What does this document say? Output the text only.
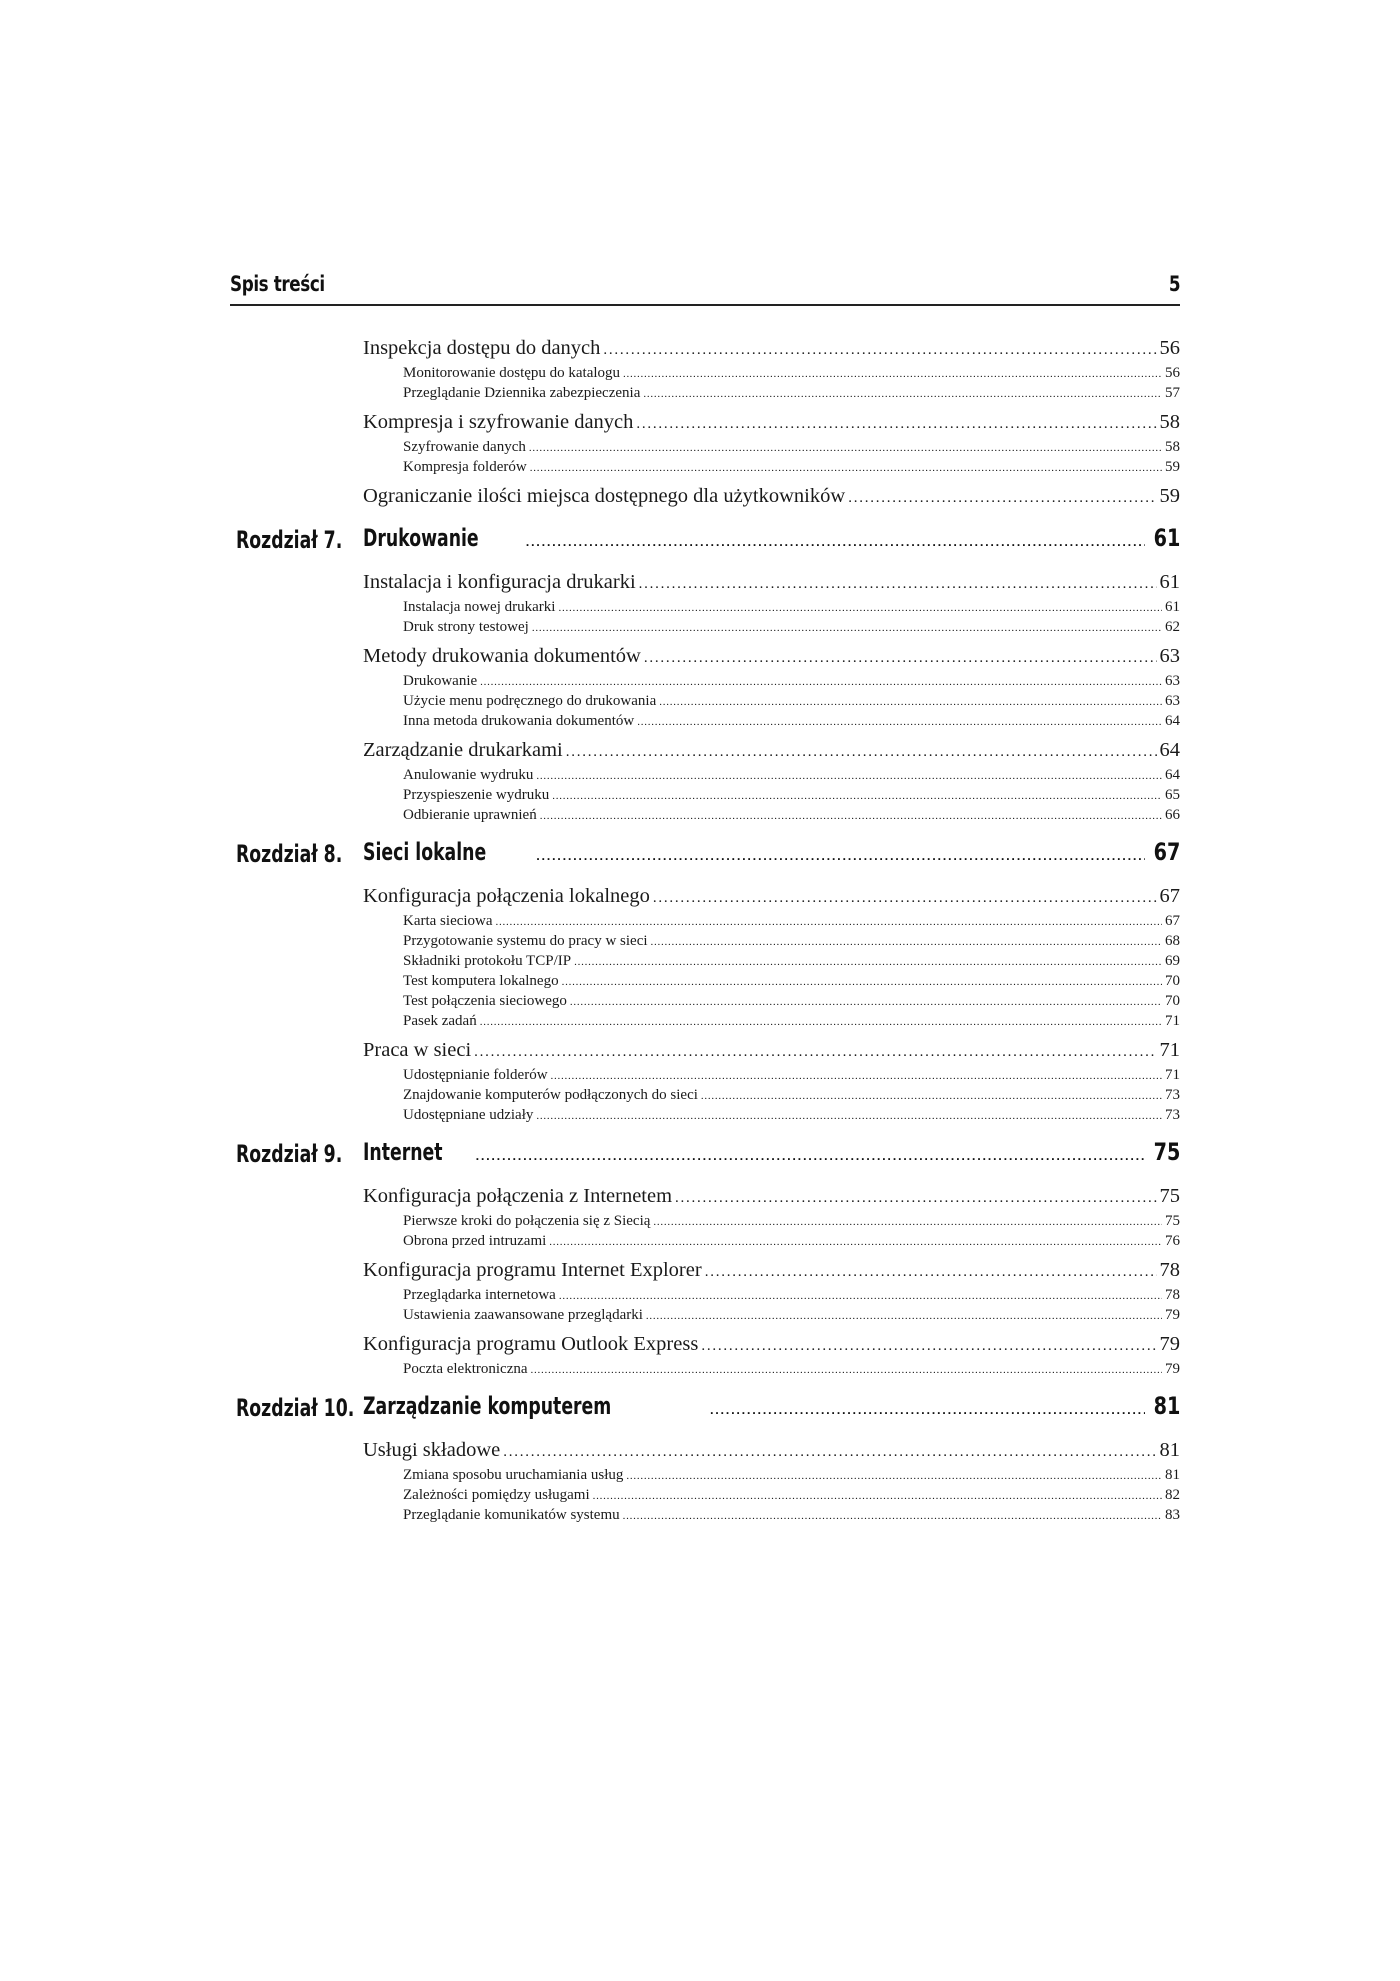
Spis treści	5
Inspekcja dostępu do danych . . .	56
Monitorowanie dostępu do katalogu . . .	56
Przeglądanie Dziennika zabezpieczenia . . .	57
Kompresja i szyfrowanie danych . . .	58
Szyfrowanie danych . . .	58
Kompresja folderów . . .	59
Ograniczanie ilości miejsca dostępnego dla użytkowników . . .	59
Rozdział 7. Drukowanie . . .	61
Instalacja i konfiguracja drukarki . . .	61
Instalacja nowej drukarki . . .	61
Druk strony testowej . . .	62
Metody drukowania dokumentów . . .	63
Drukowanie . . .	63
Użycie menu podręcznego do drukowania . . .	63
Inna metoda drukowania dokumentów . . .	64
Zarządzanie drukarkami . . .	64
Anulowanie wydruku . . .	64
Przyspieszenie wydruku . . .	65
Odbieranie uprawnień . . .	66
Rozdział 8. Sieci lokalne . . .	67
Konfiguracja połączenia lokalnego . . .	67
Karta sieciowa . . .	67
Przygotowanie systemu do pracy w sieci . . .	68
Składniki protokołu TCP/IP . . .	69
Test komputera lokalnego . . .	70
Test połączenia sieciowego . . .	70
Pasek zadań . . .	71
Praca w sieci . . .	71
Udostępnianie folderów . . .	71
Znajdowanie komputerów podłączonych do sieci . . .	73
Udostępniane udziały . . .	73
Rozdział 9. Internet . . .	75
Konfiguracja połączenia z Internetem . . .	75
Pierwsze kroki do połączenia się z Siecią . . .	75
Obrona przed intruzami . . .	76
Konfiguracja programu Internet Explorer . . .	78
Przeglądarka internetowa . . .	78
Ustawienia zaawansowane przeglądarki . . .	79
Konfiguracja programu Outlook Express . . .	79
Poczta elektroniczna . . .	79
Rozdział 10. Zarządzanie komputerem . . .	81
Usługi składowe . . .	81
Zmiana sposobu uruchamiania usług . . .	81
Zależności pomiędzy usługami . . .	82
Przeglądanie komunikatów systemu . . .	83
